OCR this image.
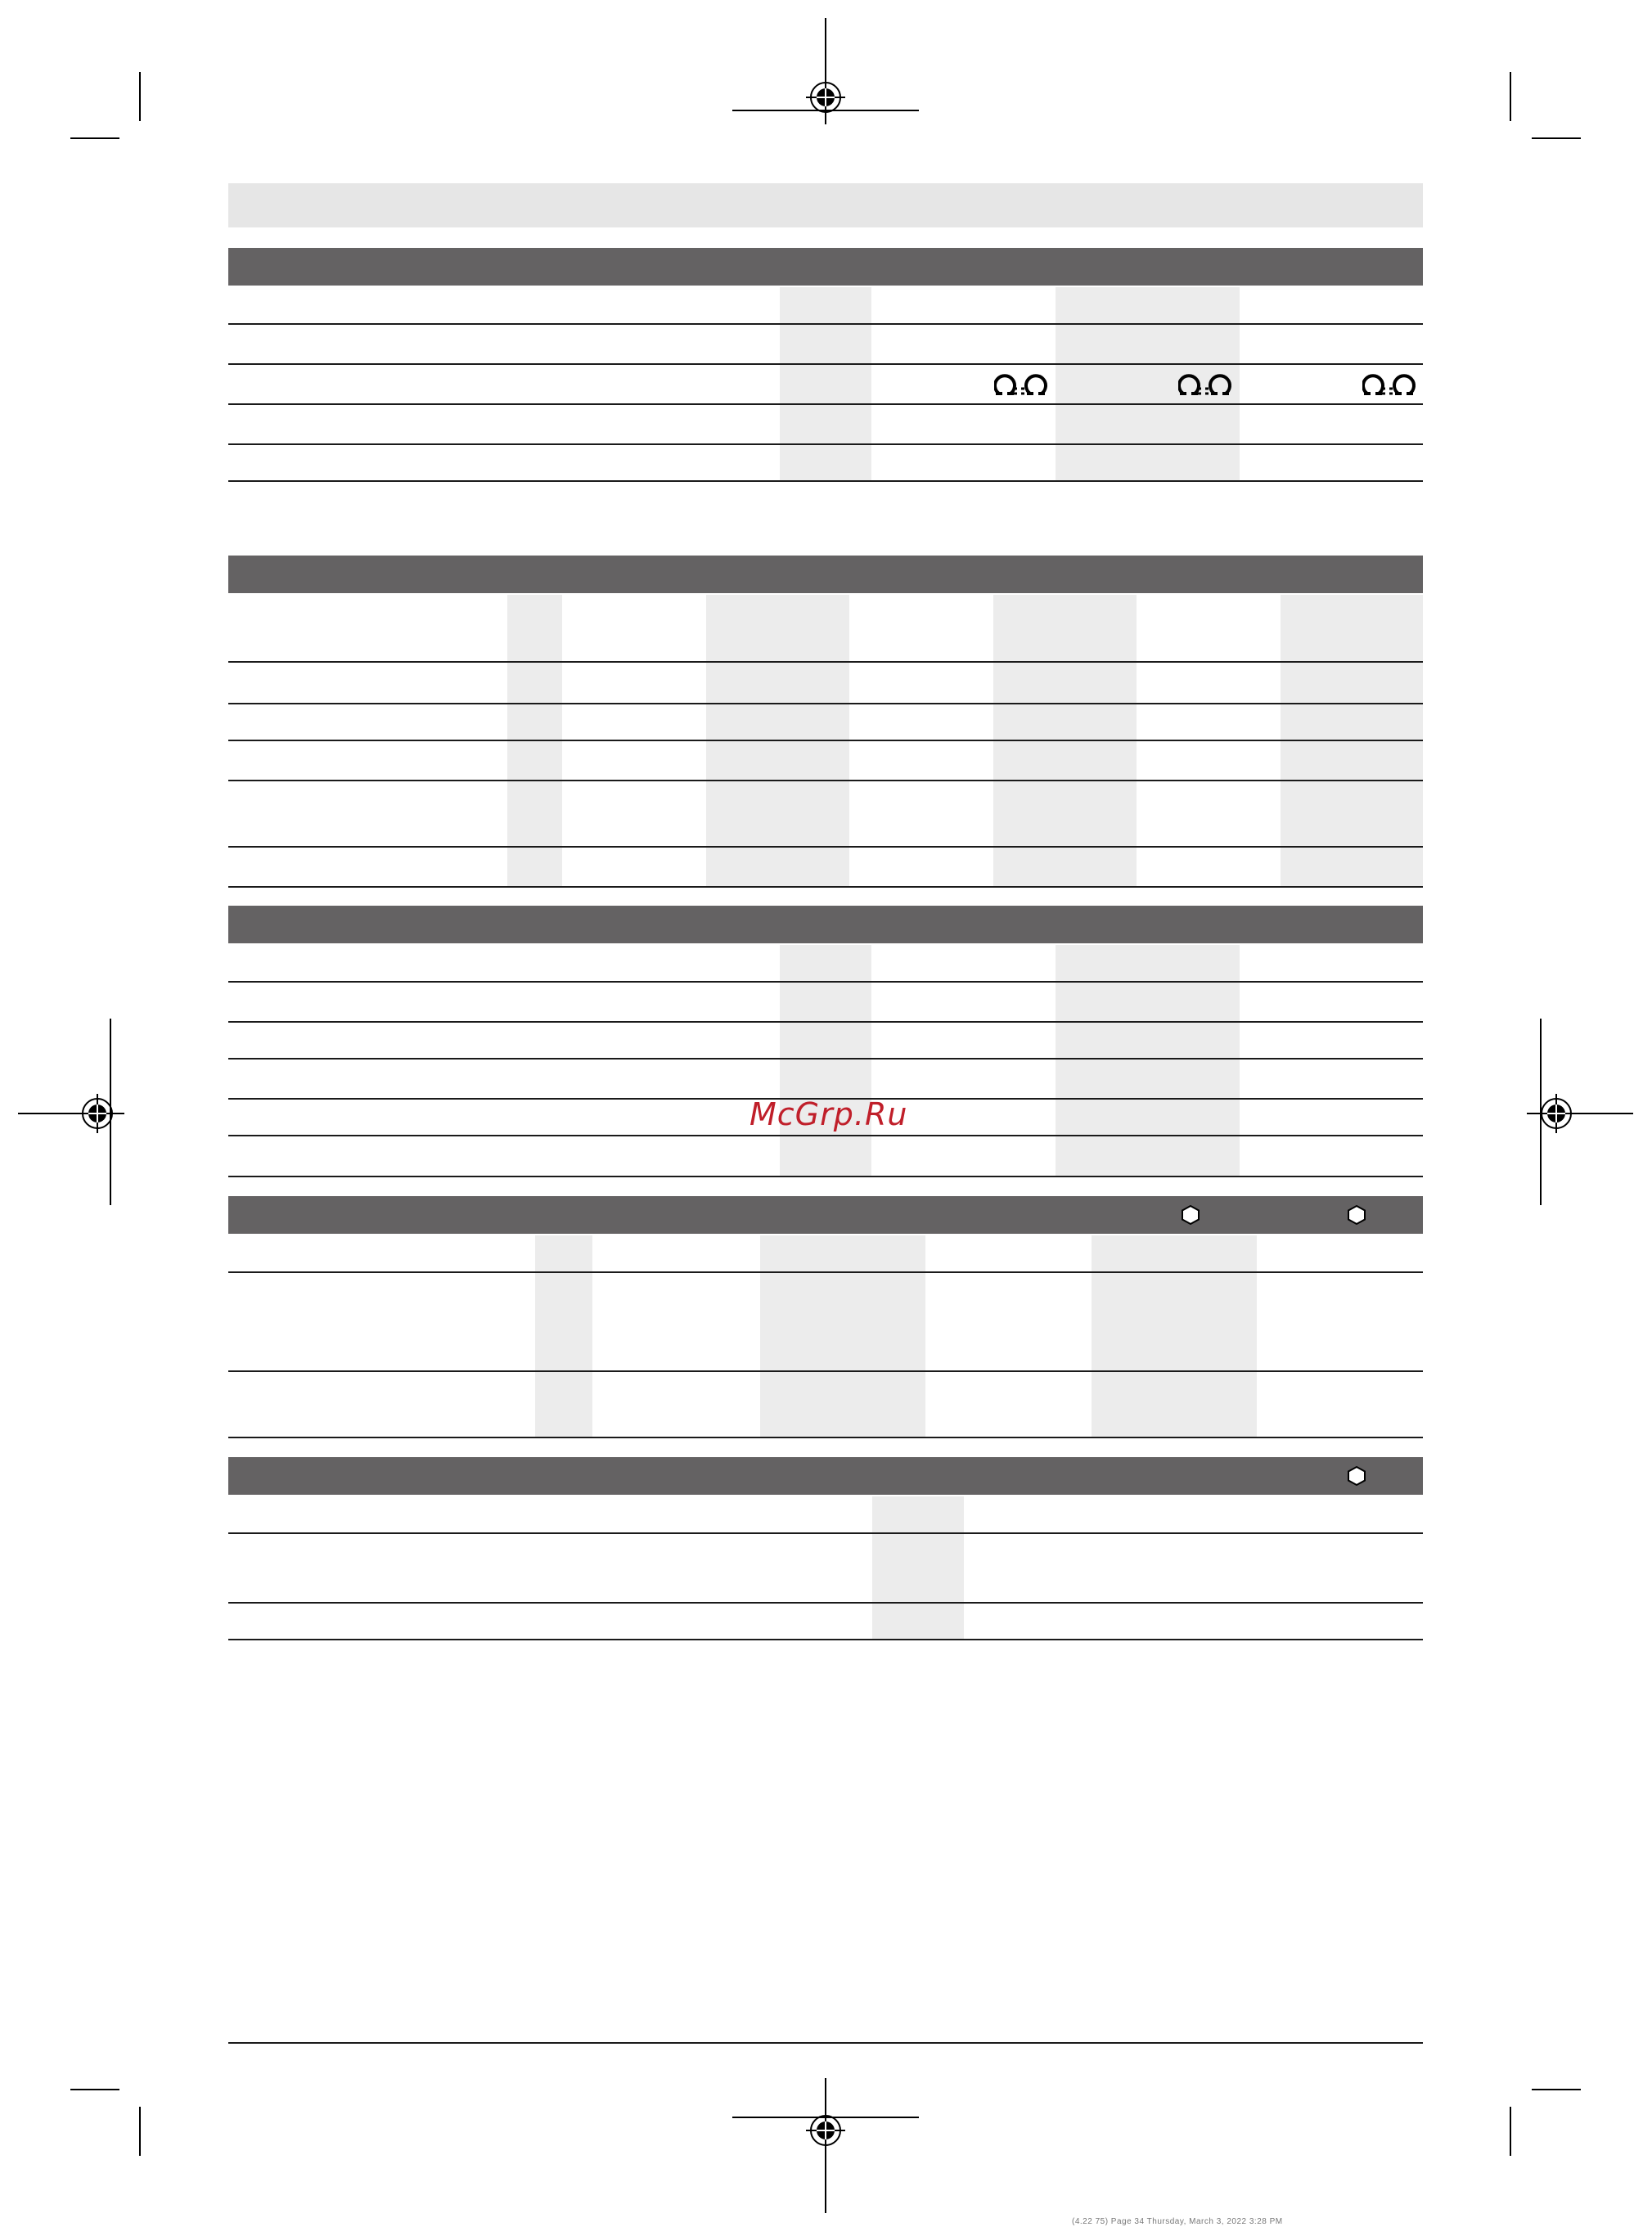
McGrp.Ru
(4.22 75) Page 34 Thursday, March 3, 2022 3:28 PM
